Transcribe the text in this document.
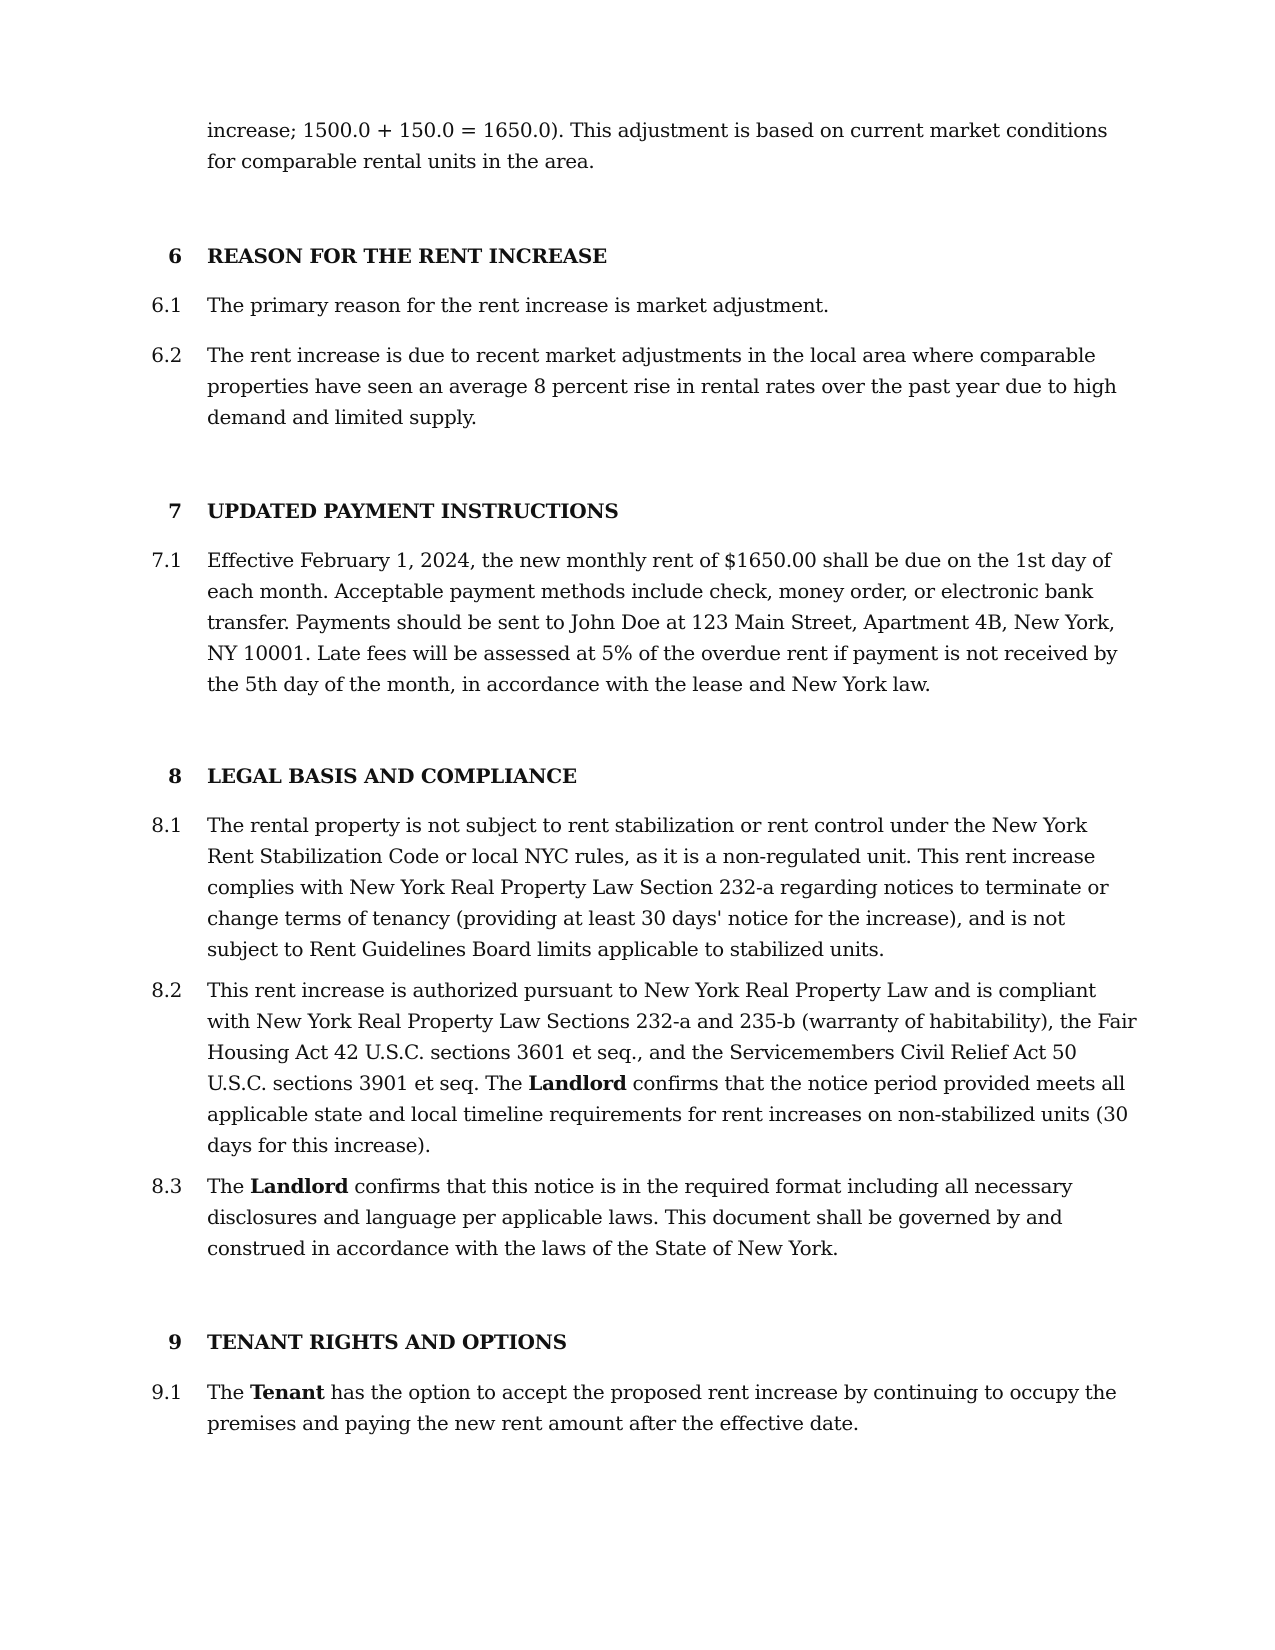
increase; 1500.0 + 150.0 = 1650.0). This adjustment is based on current market conditions for comparable rental units in the area.

6 REASON FOR THE RENT INCREASE
6.1 The primary reason for the rent increase is market adjustment.

6.2 The rent increase is due to recent market adjustments in the local area where comparable properties have seen an average 8 percent rise in rental rates over the past year due to high demand and limited supply.

7 UPDATED PAYMENT INSTRUCTIONS
7.1 Effective February 1, 2024, the new monthly rent of $1650.00 shall be due on the 1st day of each month. Acceptable payment methods include check, money order, or electronic bank transfer. Payments should be sent to John Doe at 123 Main Street, Apartment 4B, New York, NY 10001. Late fees will be assessed at 5% of the overdue rent if payment is not received by the 5th day of the month, in accordance with the lease and New York law.

8 LEGAL BASIS AND COMPLIANCE
8.1 The rental property is not subject to rent stabilization or rent control under the New York Rent Stabilization Code or local NYC rules, as it is a non-regulated unit. This rent increase complies with New York Real Property Law Section 232-a regarding notices to terminate or change terms of tenancy (providing at least 30 days' notice for the increase), and is not subject to Rent Guidelines Board limits applicable to stabilized units.

8.2 This rent increase is authorized pursuant to New York Real Property Law and is compliant with New York Real Property Law Sections 232-a and 235-b (warranty of habitability), the Fair Housing Act 42 U.S.C. sections 3601 et seq., and the Servicemembers Civil Relief Act 50 U.S.C. sections 3901 et seq. The Landlord confirms that the notice period provided meets all applicable state and local timeline requirements for rent increases on non-stabilized units (30 days for this increase).

8.3 The Landlord confirms that this notice is in the required format including all necessary disclosures and language per applicable laws. This document shall be governed by and construed in accordance with the laws of the State of New York.

9 TENANT RIGHTS AND OPTIONS
9.1 The Tenant has the option to accept the proposed rent increase by continuing to occupy the premises and paying the new rent amount after the effective date.
